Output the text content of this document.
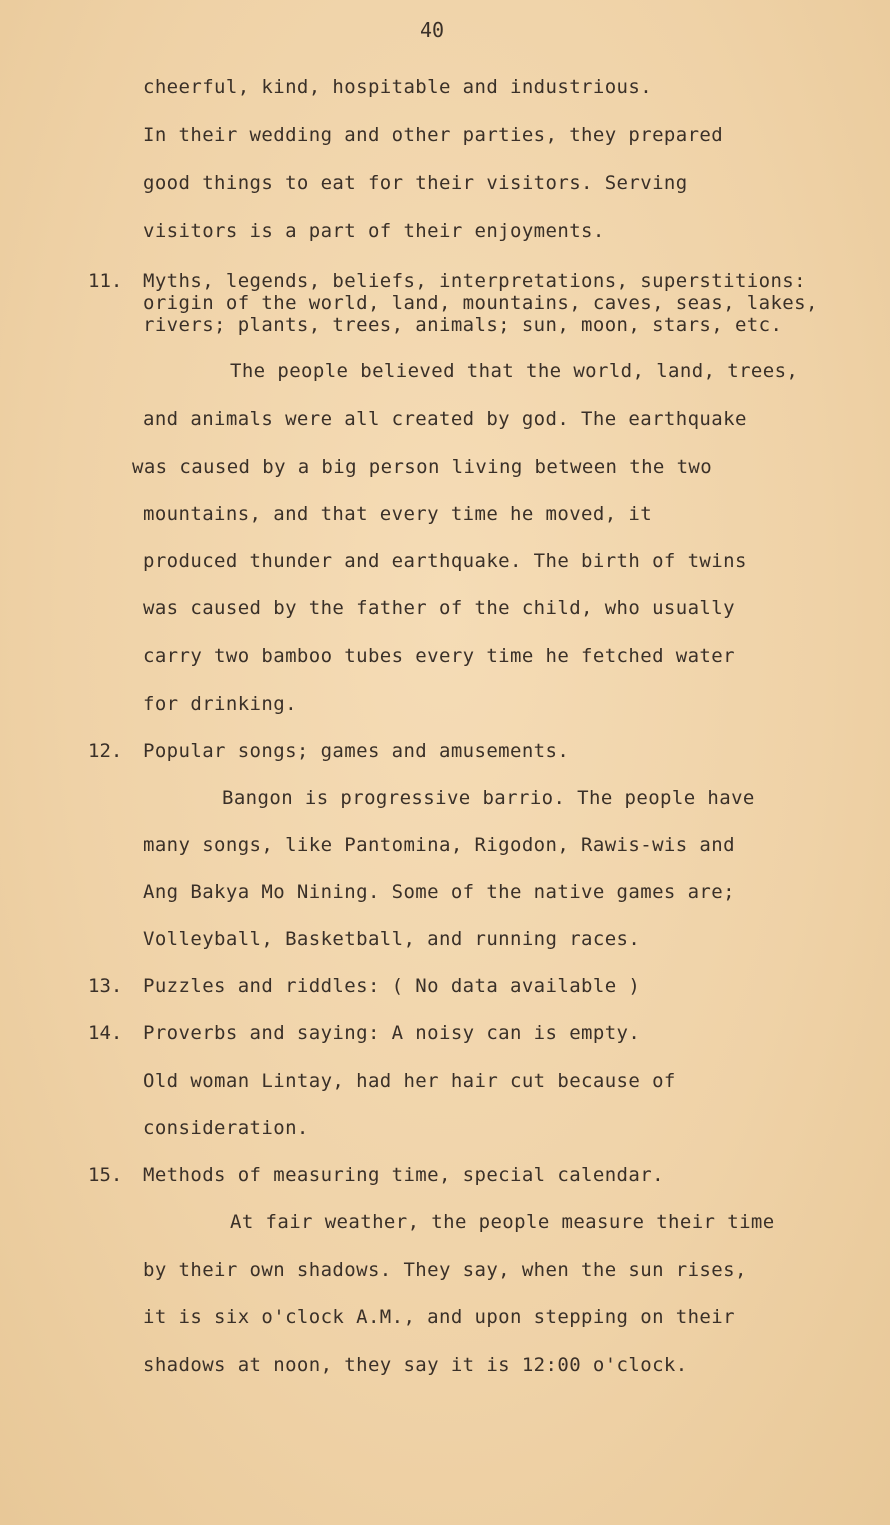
40
cheerful, kind, hospitable and industrious.
In their wedding and other parties, they prepared
good things to eat for their visitors. Serving
visitors is a part of their enjoyments.
11. Myths, legends, beliefs, interpretations, superstitions:
origin of the world, land, mountains, caves, seas, lakes,
rivers; plants, trees, animals; sun, moon, stars, etc.
The people believed that the world, land, trees,
and animals were all created by god. The earthquake
was caused by a big person living between the two
mountains, and that every time he moved, it
produced thunder and earthquake. The birth of twins
was caused by the father of the child, who usually
carry two bamboo tubes every time he fetched water
for drinking.
12. Popular songs; games and amusements.
Bangon is progressive barrio. The people have
many songs, like Pantomina, Rigodon, Rawis-wis and
Ang Bakya Mo Nining. Some of the native games are;
Volleyball, Basketball, and running races.
13. Puzzles and riddles: ( No data available )
14. Proverbs and saying: A noisy can is empty.
Old woman Lintay, had her hair cut because of
consideration.
15. Methods of measuring time, special calendar.
At fair weather, the people measure their time
by their own shadows. They say, when the sun rises,
it is six o'clock A.M., and upon stepping on their
shadows at noon, they say it is 12:00 o'clock.
